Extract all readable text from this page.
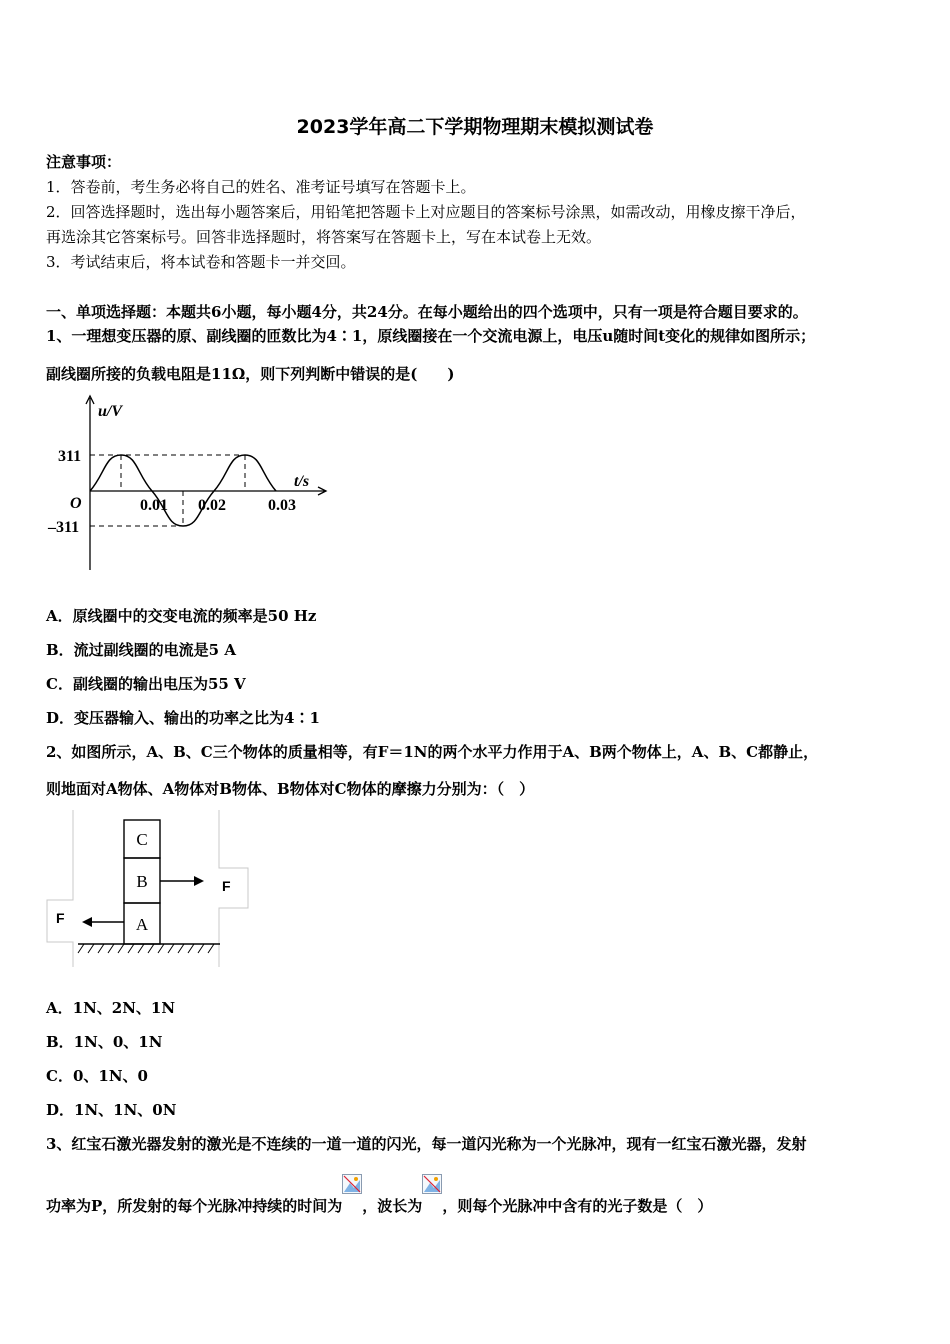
2023学年高二下学期物理期末模拟测试卷
注意事项：
1．答卷前，考生务必将自己的姓名、准考证号填写在答题卡上。
2．回答选择题时，选出每小题答案后，用铅笔把答题卡上对应题目的答案标号涂黑，如需改动，用橡皮擦干净后，
再选涂其它答案标号。回答非选择题时，将答案写在答题卡上，写在本试卷上无效。
3．考试结束后，将本试卷和答题卡一并交回。
一、单项选择题：本题共6小题，每小题4分，共24分。在每小题给出的四个选项中，只有一项是符合题目要求的。
1、一理想变压器的原、副线圈的匝数比为4∶1，原线圈接在一个交流电源上，电压u随时间t变化的规律如图所示；
副线圈所接的负载电阻是11Ω，则下列判断中错误的是(　　)
u/V
t/s
O
311
–311
0.01 0.02	0.03
A．原线圈中的交变电流的频率是50 Hz
B．流过副线圈的电流是5 A
C．副线圈的输出电压为55 V
D．变压器输入、输出的功率之比为4∶1
2、如图所示，A、B、C三个物体的质量相等，有F＝1N的两个水平力作用于A、B两个物体上，A、B、C都静止，
则地面对A物体、A物体对B物体、B物体对C物体的摩擦力分别为：（　）
C
B
A
F
F
A．1N、2N、1N
B．1N、0、1N
C．0、1N、0
D．1N、1N、0N
3、红宝石激光器发射的激光是不连续的一道一道的闪光，每一道闪光称为一个光脉冲，现有一红宝石激光器，发射
功率为P，所发射的每个光脉冲持续的时间为 ，波长为 ，则每个光脉冲中含有的光子数是（　）
